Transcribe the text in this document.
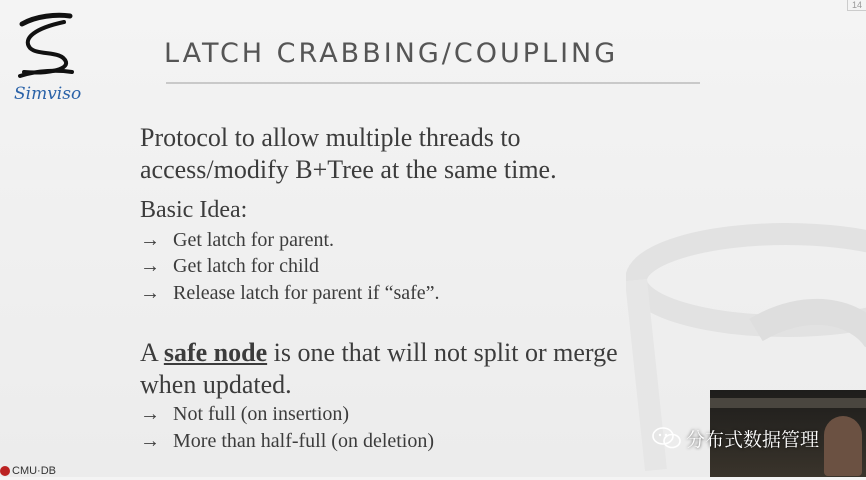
14
Simviso
LATCH CRABBING/COUPLING
Protocol to allow multiple threads to
access/modify B+Tree at the same time.
Basic Idea:
→ Get latch for parent.
→ Get latch for child
→ Release latch for parent if “safe”.
A safe node is one that will not split or merge
when updated.
→ Not full (on insertion)
→ More than half-full (on deletion)
CMU·DB
分布式数据管理
